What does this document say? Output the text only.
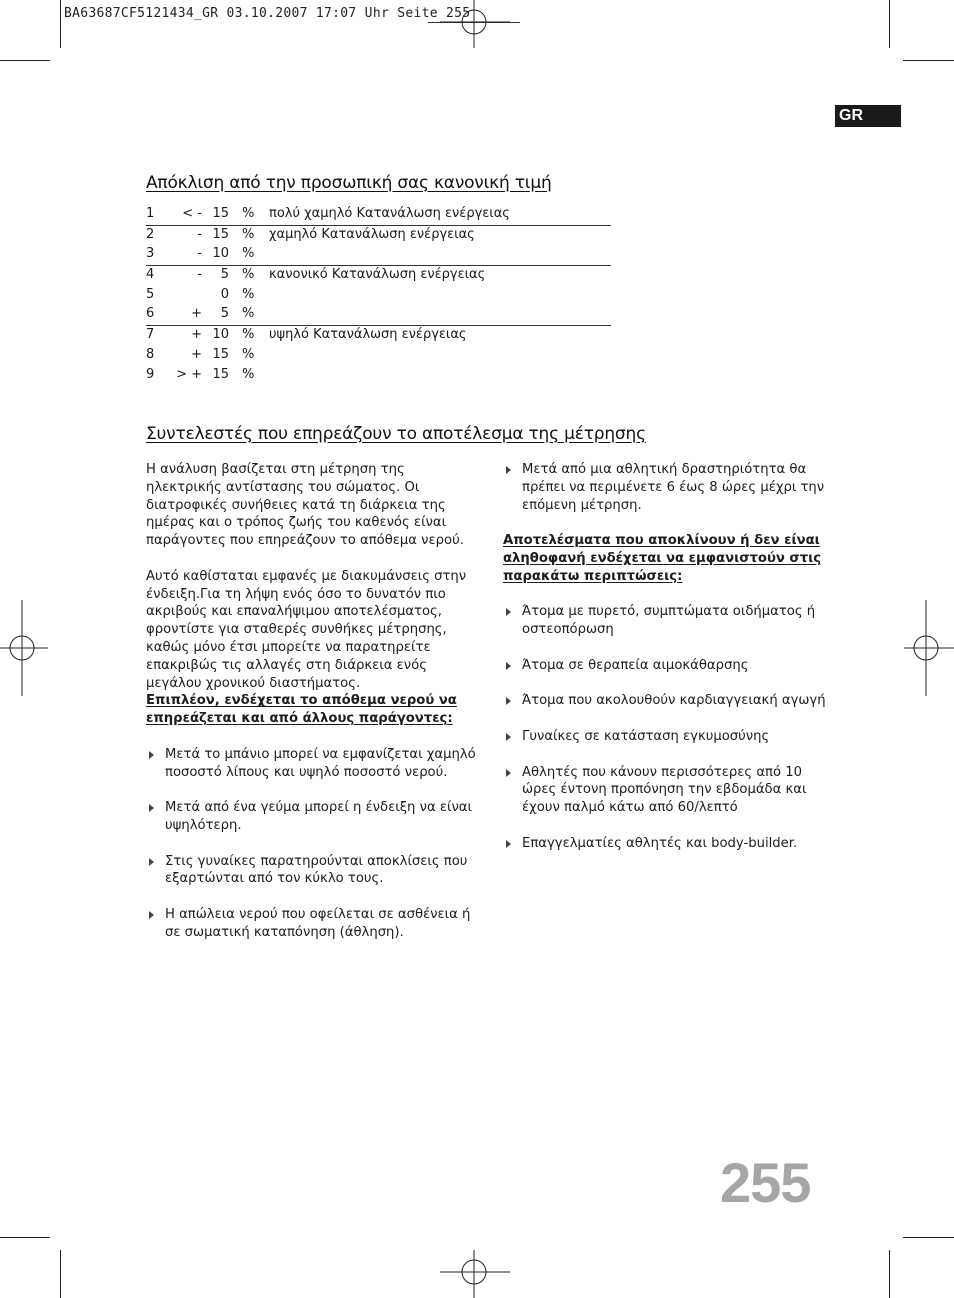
BA63687CF5121434_GR 03.10.2007 17:07 Uhr Seite 255
GR
Απόκλιση από την προσωπική σας κανονική τιμή
1	< - 15 % πολύ χαμηλό Κατανάλωση ενέργειας
2	- 15 % χαμηλό Κατανάλωση ενέργειας
3	- 10 %
4	-	5 % κανονικό Κατανάλωση ενέργειας
5	0 %
6	+	5 %
7	+ 10 % υψηλό Κατανάλωση ενέργειας
8	+ 15 %
9 > + 15 %
Συντελεστές που επηρεάζουν το αποτέλεσμα της μέτρησης

Η ανάλυση βασίζεται στη μέτρηση της ηλεκτρικής αντίστασης του σώματος. Οι διατροφικές συνήθειες κατά τη διάρκεια της ημέρας και ο τρόπος ζωής του καθενός είναι παράγοντες που επηρεάζουν το απόθεμα νερού.

Αυτό καθίσταται εμφανές με διακυμάνσεις στην ένδειξη.Για τη λήψη ενός όσο το δυνατόν πιο ακριβούς και επαναλήψιμου αποτελέσματος, φροντίστε για σταθερές συνθήκες μέτρησης, καθώς μόνο έτσι μπορείτε να παρατηρείτε επακριβώς τις αλλαγές στη διάρκεια ενός μεγάλου χρονικού διαστήματος.

Επιπλέον, ενδέχεται το απόθεμα νερού να επηρεάζεται και από άλλους παράγοντες:

Μετά το μπάνιο μπορεί να εμφανίζεται χαμηλό ποσοστό λίπους και υψηλό ποσοστό νερού.
Μετά από ένα γεύμα μπορεί η ένδειξη να είναι υψηλότερη.
Στις γυναίκες παρατηρούνται αποκλίσεις που εξαρτώνται από τον κύκλο τους.
Η απώλεια νερού που οφείλεται σε ασθένεια ή σε σωματική καταπόνηση (άθληση).
Μετά από μια αθλητική δραστηριότητα θα πρέπει να περιμένετε 6 έως 8 ώρες μέχρι την επόμενη μέτρηση.

Αποτελέσματα που αποκλίνουν ή δεν είναι αληθοφανή ενδέχεται να εμφανιστούν στις παρακάτω περιπτώσεις:

Άτομα με πυρετό, συμπτώματα οιδήματος ή οστεοπόρωση
Άτομα σε θεραπεία αιμοκάθαρσης
Άτομα που ακολουθούν καρδιαγγειακή αγωγή
Γυναίκες σε κατάσταση εγκυμοσύνης
Αθλητές που κάνουν περισσότερες από 10 ώρες έντονη προπόνηση την εβδομάδα και έχουν παλμό κάτω από 60/λεπτό
Επαγγελματίες αθλητές και body-builder.
255
